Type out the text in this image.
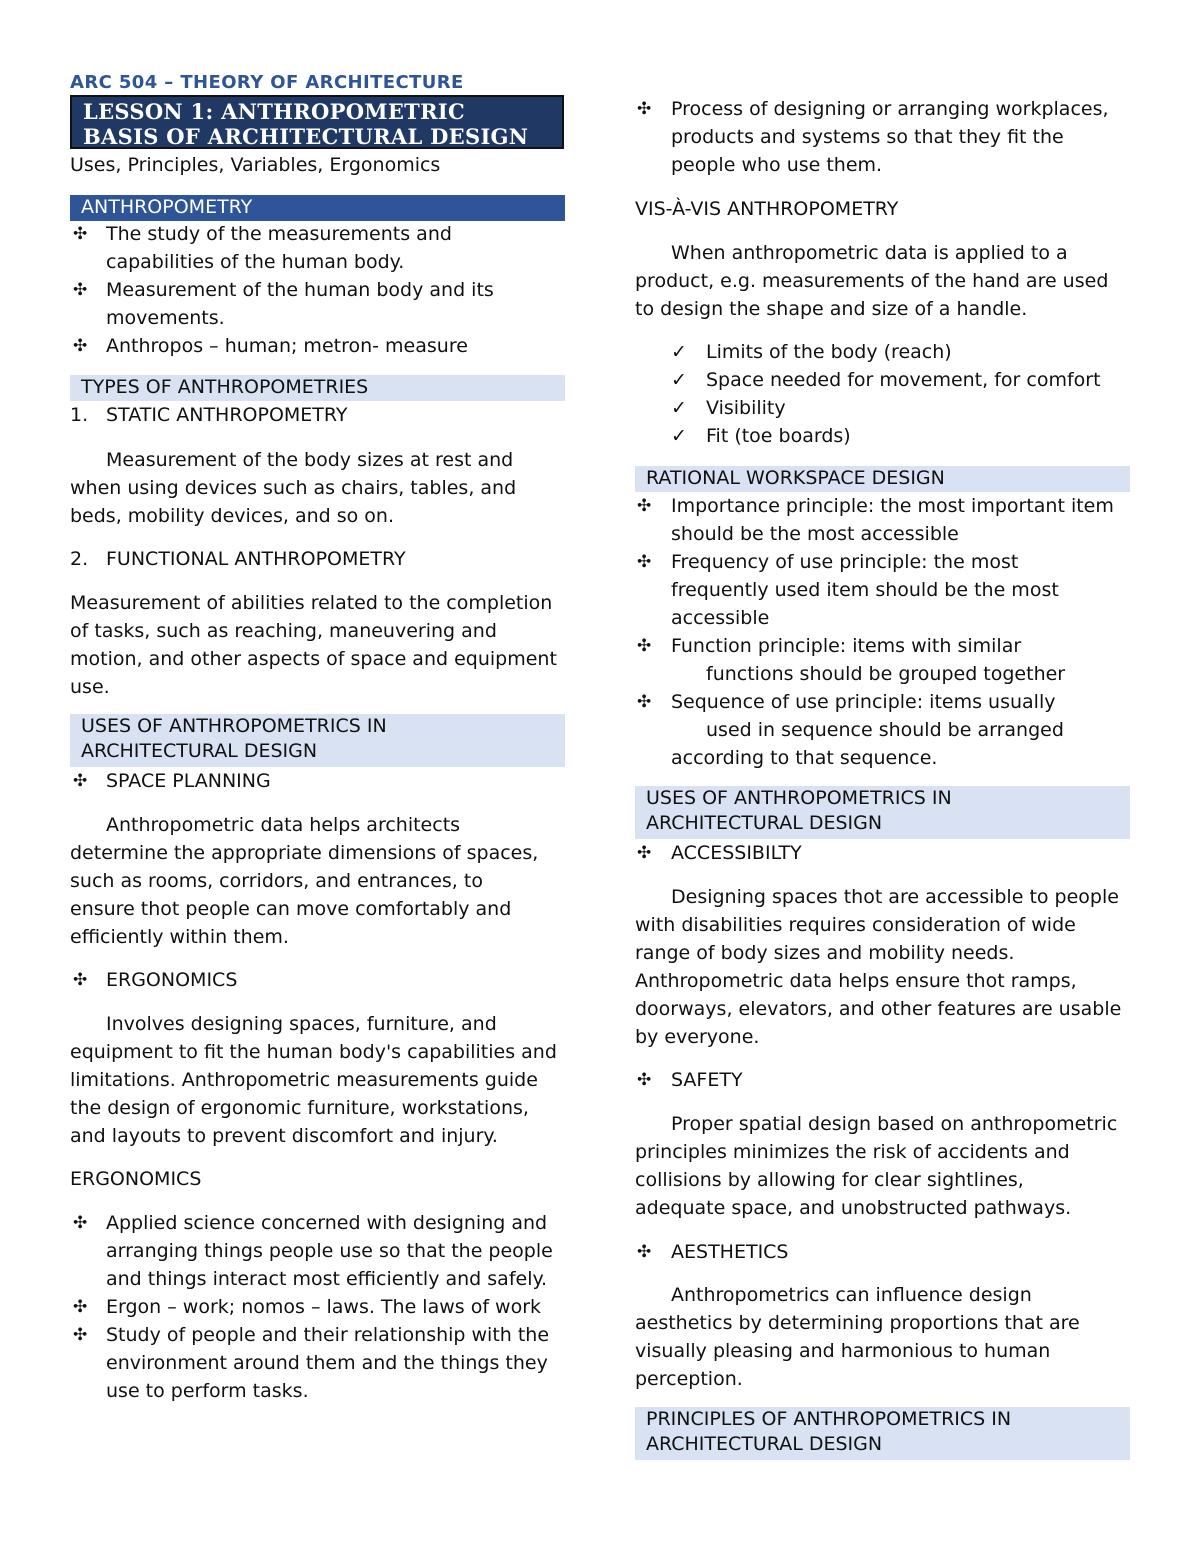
ARC 504 – THEORY OF ARCHITECTURE
LESSON 1: ANTHROPOMETRIC
BASIS OF ARCHITECTURAL DESIGN
Uses, Principles, Variables, Ergonomics
ANTHROPOMETRY
✣ The study of the measurements and
capabilities of the human body.
✣ Measurement of the human body and its
movements.
✣ Anthropos – human; metron- measure
TYPES OF ANTHROPOMETRIES
1. STATIC ANTHROPOMETRY
Measurement of the body sizes at rest and
when using devices such as chairs, tables, and
beds, mobility devices, and so on.
2. FUNCTIONAL ANTHROPOMETRY
Measurement of abilities related to the completion
of tasks, such as reaching, maneuvering and
motion, and other aspects of space and equipment
use.
USES OF ANTHROPOMETRICS IN
ARCHITECTURAL DESIGN
✣ SPACE PLANNING
Anthropometric data helps architects
determine the appropriate dimensions of spaces,
such as rooms, corridors, and entrances, to
ensure thot people can move comfortably and
efficiently within them.
✣ ERGONOMICS
Involves designing spaces, furniture, and
equipment to fit the human body's capabilities and
limitations. Anthropometric measurements guide
the design of ergonomic furniture, workstations,
and layouts to prevent discomfort and injury.
ERGONOMICS
✣ Applied science concerned with designing and
arranging things people use so that the people
and things interact most efficiently and safely.
✣ Ergon – work; nomos – laws. The laws of work
✣ Study of people and their relationship with the
environment around them and the things they
use to perform tasks.
✣	Process of designing or arranging workplaces,
products and systems so that they fit the
people who use them.
VIS-À-VIS ANTHROPOMETRY
When anthropometric data is applied to a
product, e.g. measurements of the hand are used
to design the shape and size of a handle.
✓ Limits of the body (reach)
✓ Space needed for movement, for comfort
✓ Visibility
✓ Fit (toe boards)
RATIONAL WORKSPACE DESIGN
✣	Importance principle: the most important item
should be the most accessible
✣	Frequency of use principle: the most
frequently used item should be the most
accessible
✣	Function principle: items with similar
functions should be grouped together
✣	Sequence of use principle: items usually
used in sequence should be arranged
according to that sequence.
USES OF ANTHROPOMETRICS IN
ARCHITECTURAL DESIGN
✣	ACCESSIBILTY
Designing spaces thot are accessible to people
with disabilities requires consideration of wide
range of body sizes and mobility needs.
Anthropometric data helps ensure thot ramps,
doorways, elevators, and other features are usable
by everyone.
✣	SAFETY
Proper spatial design based on anthropometric
principles minimizes the risk of accidents and
collisions by allowing for clear sightlines,
adequate space, and unobstructed pathways.
✣	AESTHETICS
Anthropometrics can influence design
aesthetics by determining proportions that are
visually pleasing and harmonious to human
perception.
PRINCIPLES OF ANTHROPOMETRICS IN
ARCHITECTURAL DESIGN
